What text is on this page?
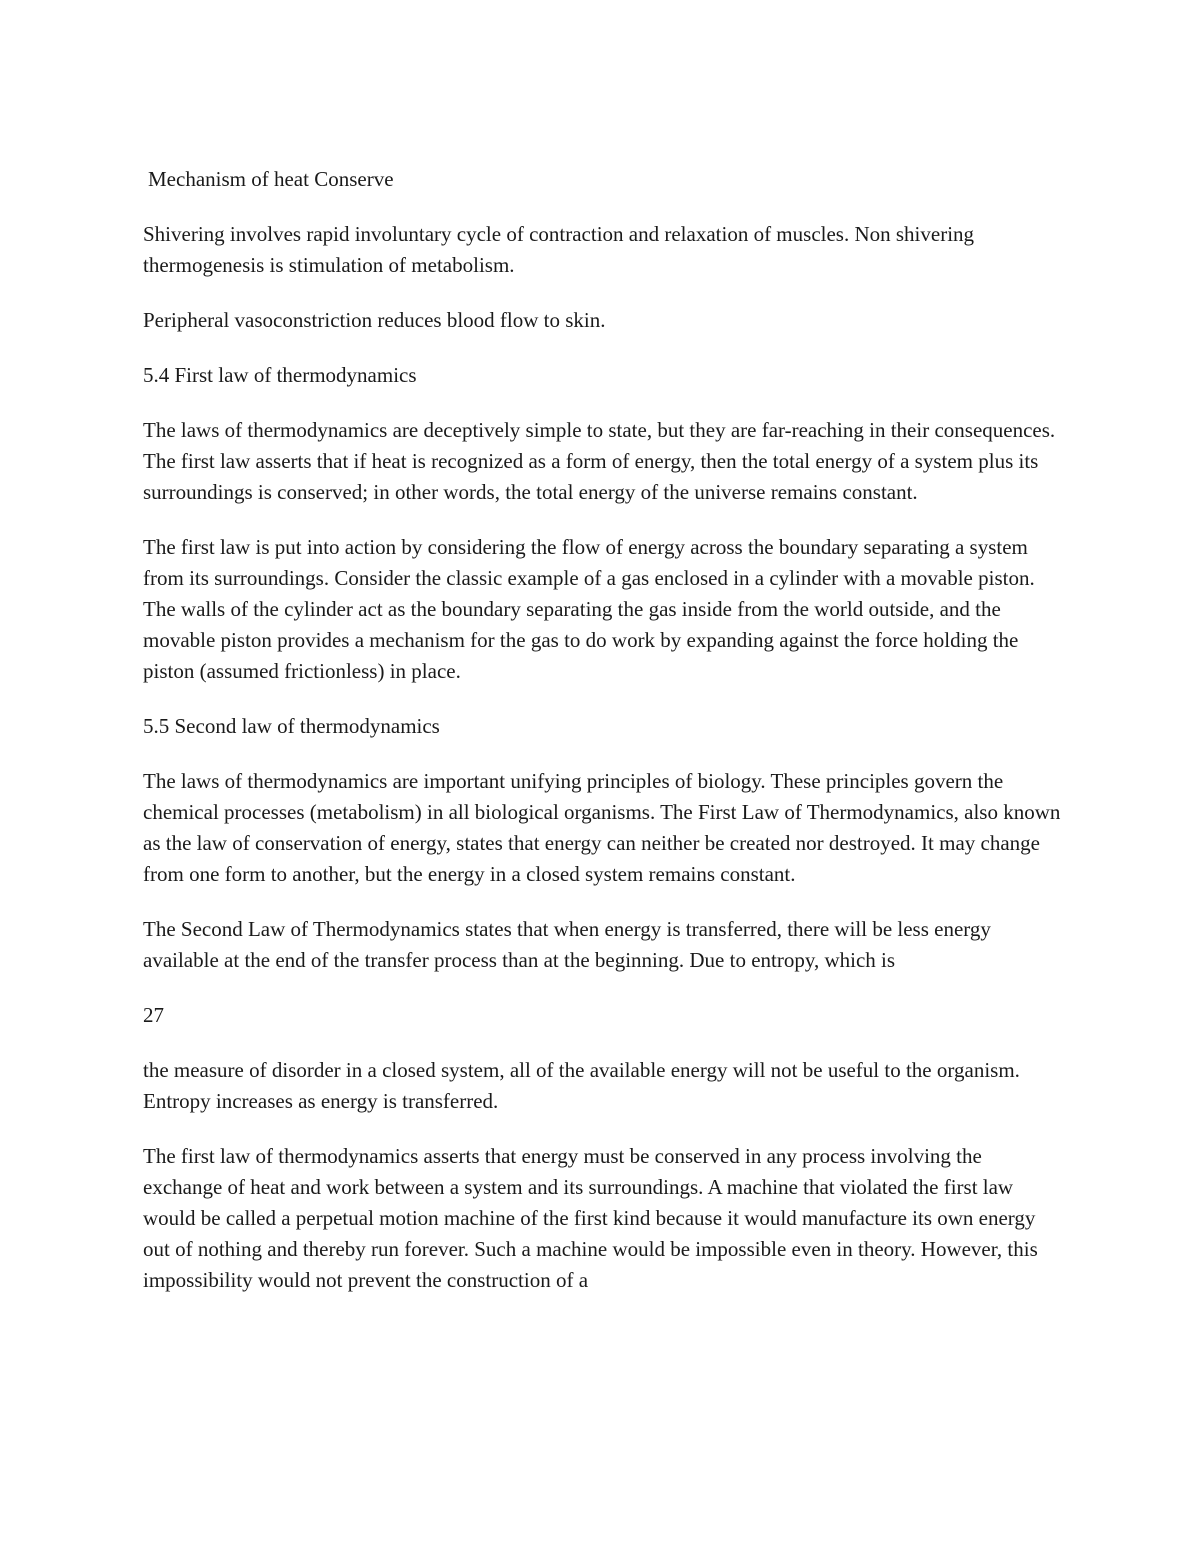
Mechanism of heat Conserve

Shivering involves rapid involuntary cycle of contraction and relaxation of muscles. Non shivering thermogenesis is stimulation of metabolism.

Peripheral vasoconstriction reduces blood flow to skin.

5.4 First law of thermodynamics

The laws of thermodynamics are deceptively simple to state, but they are far-reaching in their consequences. The first law asserts that if heat is recognized as a form of energy, then the total energy of a system plus its surroundings is conserved; in other words, the total energy of the universe remains constant.

The first law is put into action by considering the flow of energy across the boundary separating a system from its surroundings. Consider the classic example of a gas enclosed in a cylinder with a movable piston. The walls of the cylinder act as the boundary separating the gas inside from the world outside, and the movable piston provides a mechanism for the gas to do work by expanding against the force holding the piston (assumed frictionless) in place.

5.5 Second law of thermodynamics

The laws of thermodynamics are important unifying principles of biology. These principles govern the chemical processes (metabolism) in all biological organisms. The First Law of Thermodynamics, also known as the law of conservation of energy, states that energy can neither be created nor destroyed. It may change from one form to another, but the energy in a closed system remains constant.

The Second Law of Thermodynamics states that when energy is transferred, there will be less energy available at the end of the transfer process than at the beginning. Due to entropy, which is

27

the measure of disorder in a closed system, all of the available energy will not be useful to the organism. Entropy increases as energy is transferred.

The first law of thermodynamics asserts that energy must be conserved in any process involving the exchange of heat and work between a system and its surroundings. A machine that violated the first law would be called a perpetual motion machine of the first kind because it would manufacture its own energy out of nothing and thereby run forever. Such a machine would be impossible even in theory. However, this impossibility would not prevent the construction of a
